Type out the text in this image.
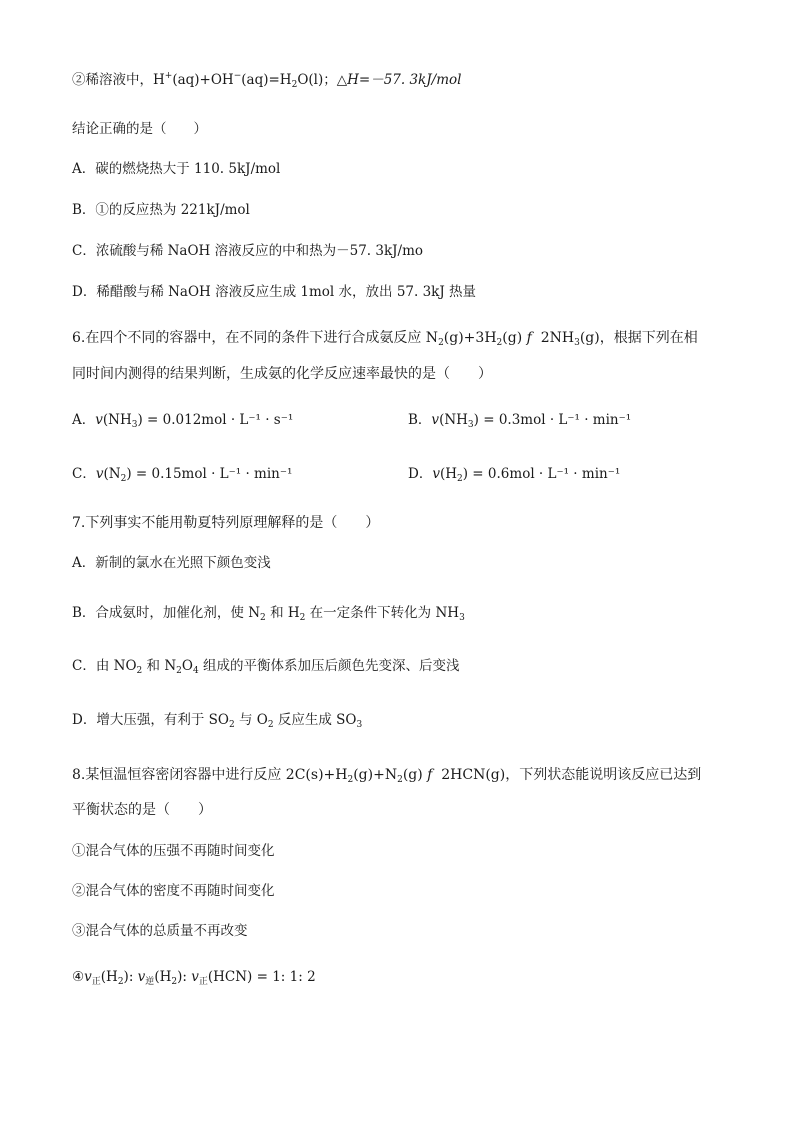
②稀溶液中，$H^+(aq)+OH^-(aq)=H_2O(l)$；△H=－57. 3kJ/mol
结论正确的是（　　）
A．碳的燃烧热大于 110. 5kJ/mol
B．①的反应热为 221kJ/mol
C．浓硫酸与稀 NaOH 溶液反应的中和热为－57. 3kJ/mo
D．稀醋酸与稀 NaOH 溶液反应生成 1mol 水，放出 57. 3kJ 热量
6.在四个不同的容器中，在不同的条件下进行合成氨反应 $N_2(g)+3H_2(g)$ f  $2NH_3(g)$，根据下列在相
同时间内测得的结果判断，生成氨的化学反应速率最快的是（　　）
A．$v(NH_3) = 0.012mol \cdot L^{-1} \cdot s^{-1}$	B．$v(NH_3) = 0.3mol \cdot L^{-1} \cdot \min^{-1}$
C．$v(N_2) = 0.15mol \cdot L^{-1} \cdot \min^{-1}$	D．$v(H_2) = 0.6mol \cdot L^{-1} \cdot \min^{-1}$
7.下列事实不能用勒夏特列原理解释的是（　　）
A．新制的氯水在光照下颜色变浅
B．合成氨时，加催化剂，使 $N_2$ 和 $H_2$ 在一定条件下转化为 $NH_3$
C．由 $NO_2$ 和 $N_2O_4$ 组成的平衡体系加压后颜色先变深、后变浅
D．增大压强，有利于 $SO_2$ 与 $O_2$ 反应生成 $SO_3$
8.某恒温恒容密闭容器中进行反应 $2C(s)+H_2(g)+N_2(g)$ f  2HCN(g)，下列状态能说明该反应已达到
平衡状态的是（　　）
①混合气体的压强不再随时间变化
②混合气体的密度不再随时间变化
③混合气体的总质量不再改变
$④v_正(H_2)$: $v_逆(H_2)$: $v_正(HCN) = 1$: 1: 2
